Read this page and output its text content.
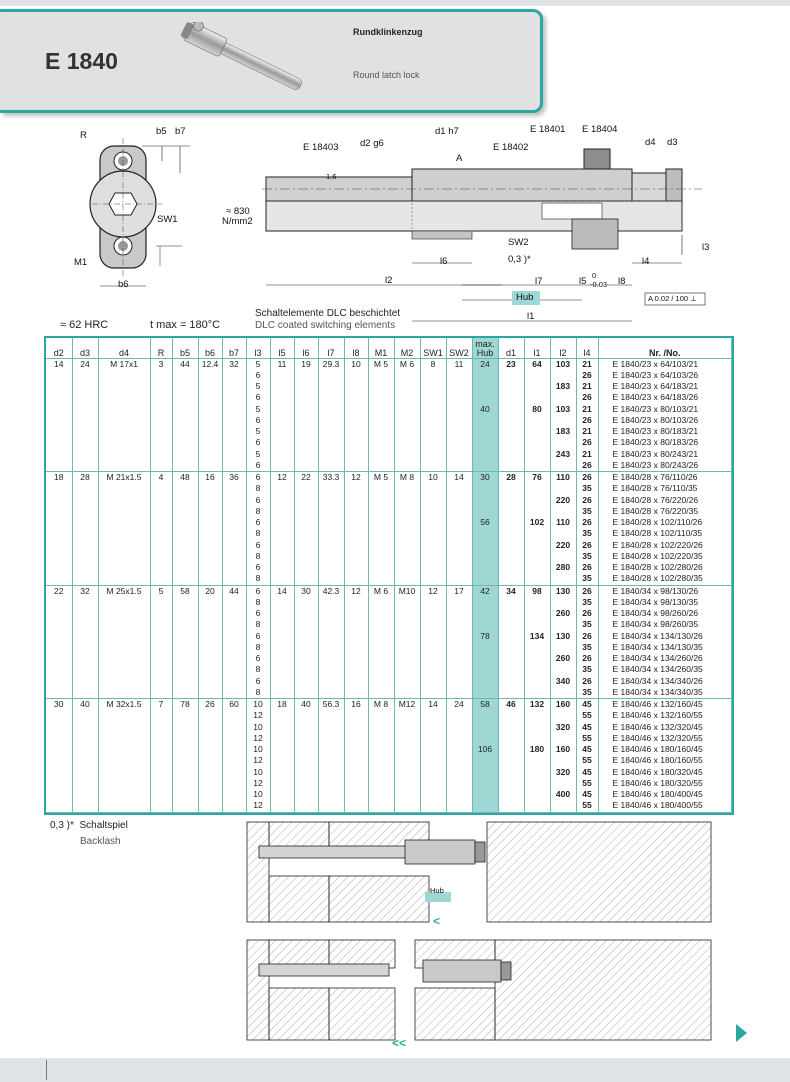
E 1840
Rundklinkenzug
Round latch lock
R	b5 b7
SW1
M1
b6
E 18401 E 18404
E 18403	E 18402
d2 g6
d1 h7
d4 d3
1.6
A
SW2
0,3 )*
l6
l2	l7	l5
l4
l3
l8
l1
Hub	A 0.02 / 100 ⊥
0
-0.03
≈ 830
N/mm2
≈ 62 HRC	t max = 180°C
Schaltelemente DLC beschichtet
DLC coated switching elements
d2	d3	d4	R	b5	b6	b7	l3	l5	l6	l7	l8	M1	M2	SW1	SW2	max. Hub	d1	l1	l2	l4	Nr. /No.
14	24	M 17x1	3	44	12.4	32	5	11	19	29.3	10	M 5	M 6	8	11	24	23	64	103	21	E 1840/23 x 64/103/21
							6													26	E 1840/23 x 64/103/26
							5												183	21	E 1840/23 x 64/183/21
							6													26	E 1840/23 x 64/183/26
							5									40		80	103	21	E 1840/23 x 80/103/21
							6													26	E 1840/23 x 80/103/26
							5												183	21	E 1840/23 x 80/183/21
							6													26	E 1840/23 x 80/183/26
							5												243	21	E 1840/23 x 80/243/21
							6													26	E 1840/23 x 80/243/26
18	28	M 21x1.5	4	48	16	36	6	12	22	33.3	12	M 5	M 8	10	14	30	28	76	110	26	E 1840/28 x 76/110/26
							8													35	E 1840/28 x 76/110/35
							6												220	26	E 1840/28 x 76/220/26
							8													35	E 1840/28 x 76/220/35
							6									56		102	110	26	E 1840/28 x 102/110/26
							8													35	E 1840/28 x 102/110/35
							6												220	26	E 1840/28 x 102/220/26
							8													35	E 1840/28 x 102/220/35
							6												280	26	E 1840/28 x 102/280/26
							8													35	E 1840/28 x 102/280/35
22	32	M 25x1.5	5	58	20	44	6	14	30	42.3	12	M 6	M10	12	17	42	34	98	130	26	E 1840/34 x 98/130/26
							8													35	E 1840/34 x 98/130/35
							6												260	26	E 1840/34 x 98/260/26
							8													35	E 1840/34 x 98/260/35
							6									78		134	130	26	E 1840/34 x 134/130/26
							8													35	E 1840/34 x 134/130/35
							6												260	26	E 1840/34 x 134/260/26
							8													35	E 1840/34 x 134/260/35
							6												340	26	E 1840/34 x 134/340/26
							8													35	E 1840/34 x 134/340/35
30	40	M 32x1.5	7	78	26	60	10	18	40	56.3	16	M 8	M12	14	24	58	46	132	160	45	E 1840/46 x 132/160/45
							12													55	E 1840/46 x 132/160/55
							10												320	45	E 1840/46 x 132/320/45
							12													55	E 1840/46 x 132/320/55
							10									106		180	160	45	E 1840/46 x 180/160/45
							12													55	E 1840/46 x 180/160/55
							10												320	45	E 1840/46 x 180/320/45
							12													55	E 1840/46 x 180/320/55
							10												400	45	E 1840/46 x 180/400/45
							12													55	E 1840/46 x 180/400/55
0,3 )* Schaltspiel
Backlash
Hub
<
<<
